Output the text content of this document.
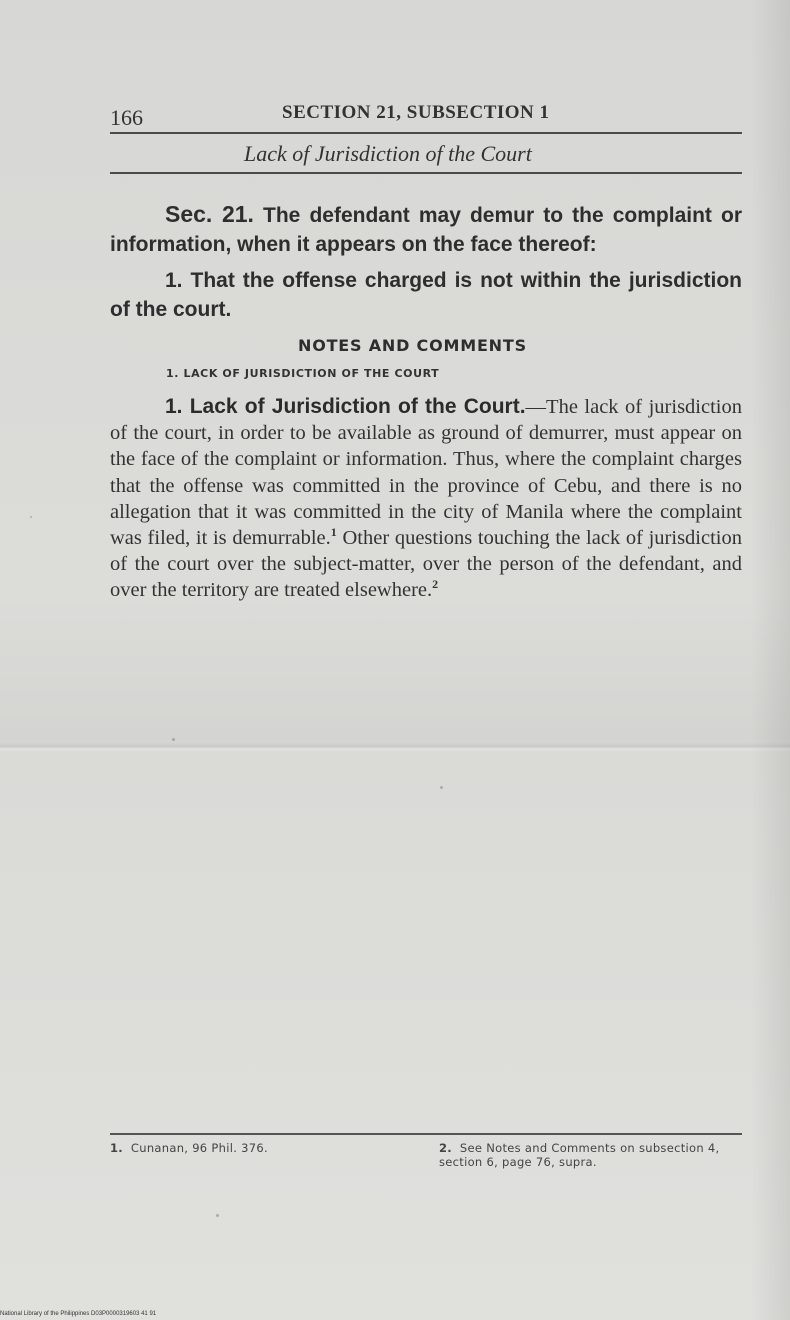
166	SECTION 21, SUBSECTION 1
Lack of Jurisdiction of the Court
Sec. 21. The defendant may demur to the complaint or information, when it appears on the face thereof:
1. That the offense charged is not within the jurisdiction of the court.
NOTES AND COMMENTS
1. LACK OF JURISDICTION OF THE COURT
1. Lack of Jurisdiction of the Court.—The lack of jurisdiction of the court, in order to be available as ground of demurrer, must appear on the face of the complaint or information. Thus, where the complaint charges that the offense was committed in the province of Cebu, and there is no allegation that it was committed in the city of Manila where the complaint was filed, it is demurrable.$^1$ Other questions touching the lack of jurisdiction of the court over the subject-matter, over the person of the defendant, and over the territory are treated elsewhere.$^2$
1. Cunanan, 96 Phil. 376.	2. See Notes and Comments on subsection 4, section 6, page 76, supra.
National Library of the Philippines D03P0000319603 41 91
